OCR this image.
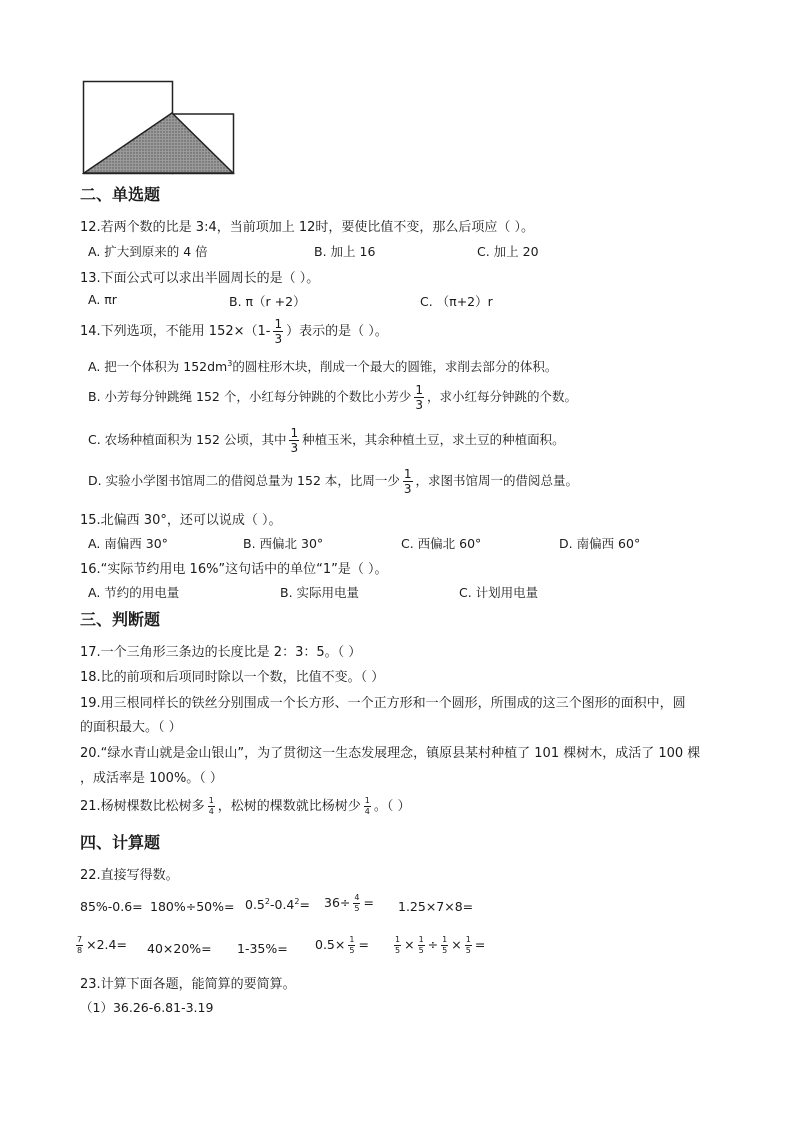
二、单选题
12.若两个数的比是 3:4，当前项加上 12时，要使比值不变，那么后项应（ ）。
A. 扩大到原来的 4 倍	B. 加上 16	C. 加上 20
13.下面公式可以求出半圆周长的是（ ）。
A. πr	B. π（r +2）	C. （π+2）r
14.下列选项，不能用 $152\times(1- \frac{1}{3}$ ）表示的是（ ）。
A. 把一个体积为 $152dm^3$的圆柱形木块，削成一个最大的圆锥，求削去部分的体积。
B. 小芳每分钟跳绳 152 个，小红每分钟跳的个数比小芳少 $\frac{1}{3}$ ，求小红每分钟跳的个数。
C. 农场种植面积为 152 公顷，其中 $\frac{1}{3}$ 种植玉米，其余种植土豆，求土豆的种植面积。
D. 实验小学图书馆周二的借阅总量为 152 本，比周一少 $\frac{1}{3}$ ，求图书馆周一的借阅总量。
15.北偏西 30°，还可以说成（ ）。
A. 南偏西 30°	B. 西偏北 30°	C. 西偏北 60°	D. 南偏西 60°
16.“实际节约用电 16%”这句话中的单位“1”是（ ）。
A. 节约的用电量	B. 实际用电量	C. 计划用电量
三、判断题
17.一个三角形三条边的长度比是 2：3：5。（ ）
18.比的前项和后项同时除以一个数，比值不变。（ ）
19.用三根同样长的铁丝分别围成一个长方形、一个正方形和一个圆形，所围成的这三个图形的面积中，圆
的面积最大。（ ）
20.“绿水青山就是金山银山”，为了贯彻这一生态发展理念，镇原县某村种植了 101 棵树木，成活了 100 棵
，成活率是 100%。（ ）
21.杨树棵数比松树多 $\frac{1}{4}$ ，松树的棵数就比杨树少 $\frac{1}{4}$ 。（ ）
四、计算题
22.直接写得数。
$85\%-0.6= 180\%\div 50\%= 0.5^2-0.4^2= 36\div \frac{4}{5} = 1.25\times 7\times 8=$
$\frac{7}{8} \times 2.4= 40\times 20\%= 1-35\%= 0.5\times \frac{1}{5}$ =	$\frac{1}{5} \times \frac{1}{5} \div \frac{1}{5} \times \frac{1}{5}$ =
23.计算下面各题，能简算的要简算。
（1）36.26-6.81-3.19
